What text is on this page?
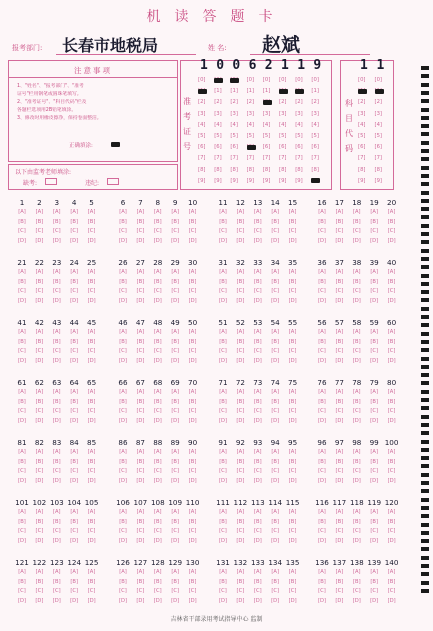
机读答题卡
报考部门: 长春市地税局	姓 名: 赵斌
注意事项
1、"姓名"、"报考部门"、"准考
证号"栏用钢笔或圆珠笔填写。
2、"准考证号"、"科目代码"栏及
各题栏选项用2B铅笔填涂。
3、修改时用橡皮擦净，保持卷面整洁。
正确填涂:
准考证号
1 0 0 6 2 1 1 9
[0]
[2]
[3]
[4]
[5]
[6]
[7]
[8]
[9]
[1]
[2]
[3]
[4]
[5]
[6]
[7]
[8]
[9]
[1]
[2]
[3]
[4]
[5]
[6]
[7]
[8]
[9]
[0]
[1]
[2]
[3]
[4]
[5]
[7]
[8]
[9]
[0]
[1]
[3]
[4]
[5]
[6]
[7]
[8]
[9]
[0]
[2]
[3]
[4]
[5]
[6]
[7]
[8]
[9]
[0]
[2]
[3]
[4]
[5]
[6]
[7]
[8]
[9]
[0]
[1]
[2]
[3]
[4]
[5]
[6]
[7]
[8]
科目代码
1 1
[0]
[2]
[3]
[4]
[5]
[6]
[7]
[8]
[9]
[0]
[2]
[3]
[4]
[5]
[6]
[7]
[8]
[9]
以下由监考老师填涂:
缺考:	违纪:
1
[A]
[B]
[C]
[D]
2
[A]
[B]
[C]
[D]
3
[A]
[B]
[C]
[D]
4
[A]
[B]
[C]
[D]
5
[A]
[B]
[C]
[D]
6
[A]
[B]
[C]
[D]
7
[A]
[B]
[C]
[D]
8
[A]
[B]
[C]
[D]
9
[A]
[B]
[C]
[D]
10
[A]
[B]
[C]
[D]
11
[A]
[B]
[C]
[D]
12
[A]
[B]
[C]
[D]
13
[A]
[B]
[C]
[D]
14
[A]
[B]
[C]
[D]
15
[A]
[B]
[C]
[D]
16
[A]
[B]
[C]
[D]
17
[A]
[B]
[C]
[D]
18
[A]
[B]
[C]
[D]
19
[A]
[B]
[C]
[D]
20
[A]
[B]
[C]
[D]
21
[A]
[B]
[C]
[D]
22
[A]
[B]
[C]
[D]
23
[A]
[B]
[C]
[D]
24
[A]
[B]
[C]
[D]
25
[A]
[B]
[C]
[D]
26
[A]
[B]
[C]
[D]
27
[A]
[B]
[C]
[D]
28
[A]
[B]
[C]
[D]
29
[A]
[B]
[C]
[D]
30
[A]
[B]
[C]
[D]
31
[A]
[B]
[C]
[D]
32
[A]
[B]
[C]
[D]
33
[A]
[B]
[C]
[D]
34
[A]
[B]
[C]
[D]
35
[A]
[B]
[C]
[D]
36
[A]
[B]
[C]
[D]
37
[A]
[B]
[C]
[D]
38
[A]
[B]
[C]
[D]
39
[A]
[B]
[C]
[D]
40
[A]
[B]
[C]
[D]
41
[A]
[B]
[C]
[D]
42
[A]
[B]
[C]
[D]
43
[A]
[B]
[C]
[D]
44
[A]
[B]
[C]
[D]
45
[A]
[B]
[C]
[D]
46
[A]
[B]
[C]
[D]
47
[A]
[B]
[C]
[D]
48
[A]
[B]
[C]
[D]
49
[A]
[B]
[C]
[D]
50
[A]
[B]
[C]
[D]
51
[A]
[B]
[C]
[D]
52
[A]
[B]
[C]
[D]
53
[A]
[B]
[C]
[D]
54
[A]
[B]
[C]
[D]
55
[A]
[B]
[C]
[D]
56
[A]
[B]
[C]
[D]
57
[A]
[B]
[C]
[D]
58
[A]
[B]
[C]
[D]
59
[A]
[B]
[C]
[D]
60
[A]
[B]
[C]
[D]
61
[A]
[B]
[C]
[D]
62
[A]
[B]
[C]
[D]
63
[A]
[B]
[C]
[D]
64
[A]
[B]
[C]
[D]
65
[A]
[B]
[C]
[D]
66
[A]
[B]
[C]
[D]
67
[A]
[B]
[C]
[D]
68
[A]
[B]
[C]
[D]
69
[A]
[B]
[C]
[D]
70
[A]
[B]
[C]
[D]
71
[A]
[B]
[C]
[D]
72
[A]
[B]
[C]
[D]
73
[A]
[B]
[C]
[D]
74
[A]
[B]
[C]
[D]
75
[A]
[B]
[C]
[D]
76
[A]
[B]
[C]
[D]
77
[A]
[B]
[C]
[D]
78
[A]
[B]
[C]
[D]
79
[A]
[B]
[C]
[D]
80
[A]
[B]
[C]
[D]
81
[A]
[B]
[C]
[D]
82
[A]
[B]
[C]
[D]
83
[A]
[B]
[C]
[D]
84
[A]
[B]
[C]
[D]
85
[A]
[B]
[C]
[D]
86
[A]
[B]
[C]
[D]
87
[A]
[B]
[C]
[D]
88
[A]
[B]
[C]
[D]
89
[A]
[B]
[C]
[D]
90
[A]
[B]
[C]
[D]
91
[A]
[B]
[C]
[D]
92
[A]
[B]
[C]
[D]
93
[A]
[B]
[C]
[D]
94
[A]
[B]
[C]
[D]
95
[A]
[B]
[C]
[D]
96
[A]
[B]
[C]
[D]
97
[A]
[B]
[C]
[D]
98
[A]
[B]
[C]
[D]
99
[A]
[B]
[C]
[D]
100
[A]
[B]
[C]
[D]
101
[A]
[B]
[C]
[D]
102
[A]
[B]
[C]
[D]
103
[A]
[B]
[C]
[D]
104
[A]
[B]
[C]
[D]
105
[A]
[B]
[C]
[D]
106
[A]
[B]
[C]
[D]
107
[A]
[B]
[C]
[D]
108
[A]
[B]
[C]
[D]
109
[A]
[B]
[C]
[D]
110
[A]
[B]
[C]
[D]
111
[A]
[B]
[C]
[D]
112
[A]
[B]
[C]
[D]
113
[A]
[B]
[C]
[D]
114
[A]
[B]
[C]
[D]
115
[A]
[B]
[C]
[D]
116
[A]
[B]
[C]
[D]
117
[A]
[B]
[C]
[D]
118
[A]
[B]
[C]
[D]
119
[A]
[B]
[C]
[D]
120
[A]
[B]
[C]
[D]
121
[A]
[B]
[C]
[D]
122
[A]
[B]
[C]
[D]
123
[A]
[B]
[C]
[D]
124
[A]
[B]
[C]
[D]
125
[A]
[B]
[C]
[D]
126
[A]
[B]
[C]
[D]
127
[A]
[B]
[C]
[D]
128
[A]
[B]
[C]
[D]
129
[A]
[B]
[C]
[D]
130
[A]
[B]
[C]
[D]
131
[A]
[B]
[C]
[D]
132
[A]
[B]
[C]
[D]
133
[A]
[B]
[C]
[D]
134
[A]
[B]
[C]
[D]
135
[A]
[B]
[C]
[D]
136
[A]
[B]
[C]
[D]
137
[A]
[B]
[C]
[D]
138
[A]
[B]
[C]
[D]
139
[A]
[B]
[C]
[D]
140
[A]
[B]
[C]
[D]
吉林省干部录用考试指导中心 监制
